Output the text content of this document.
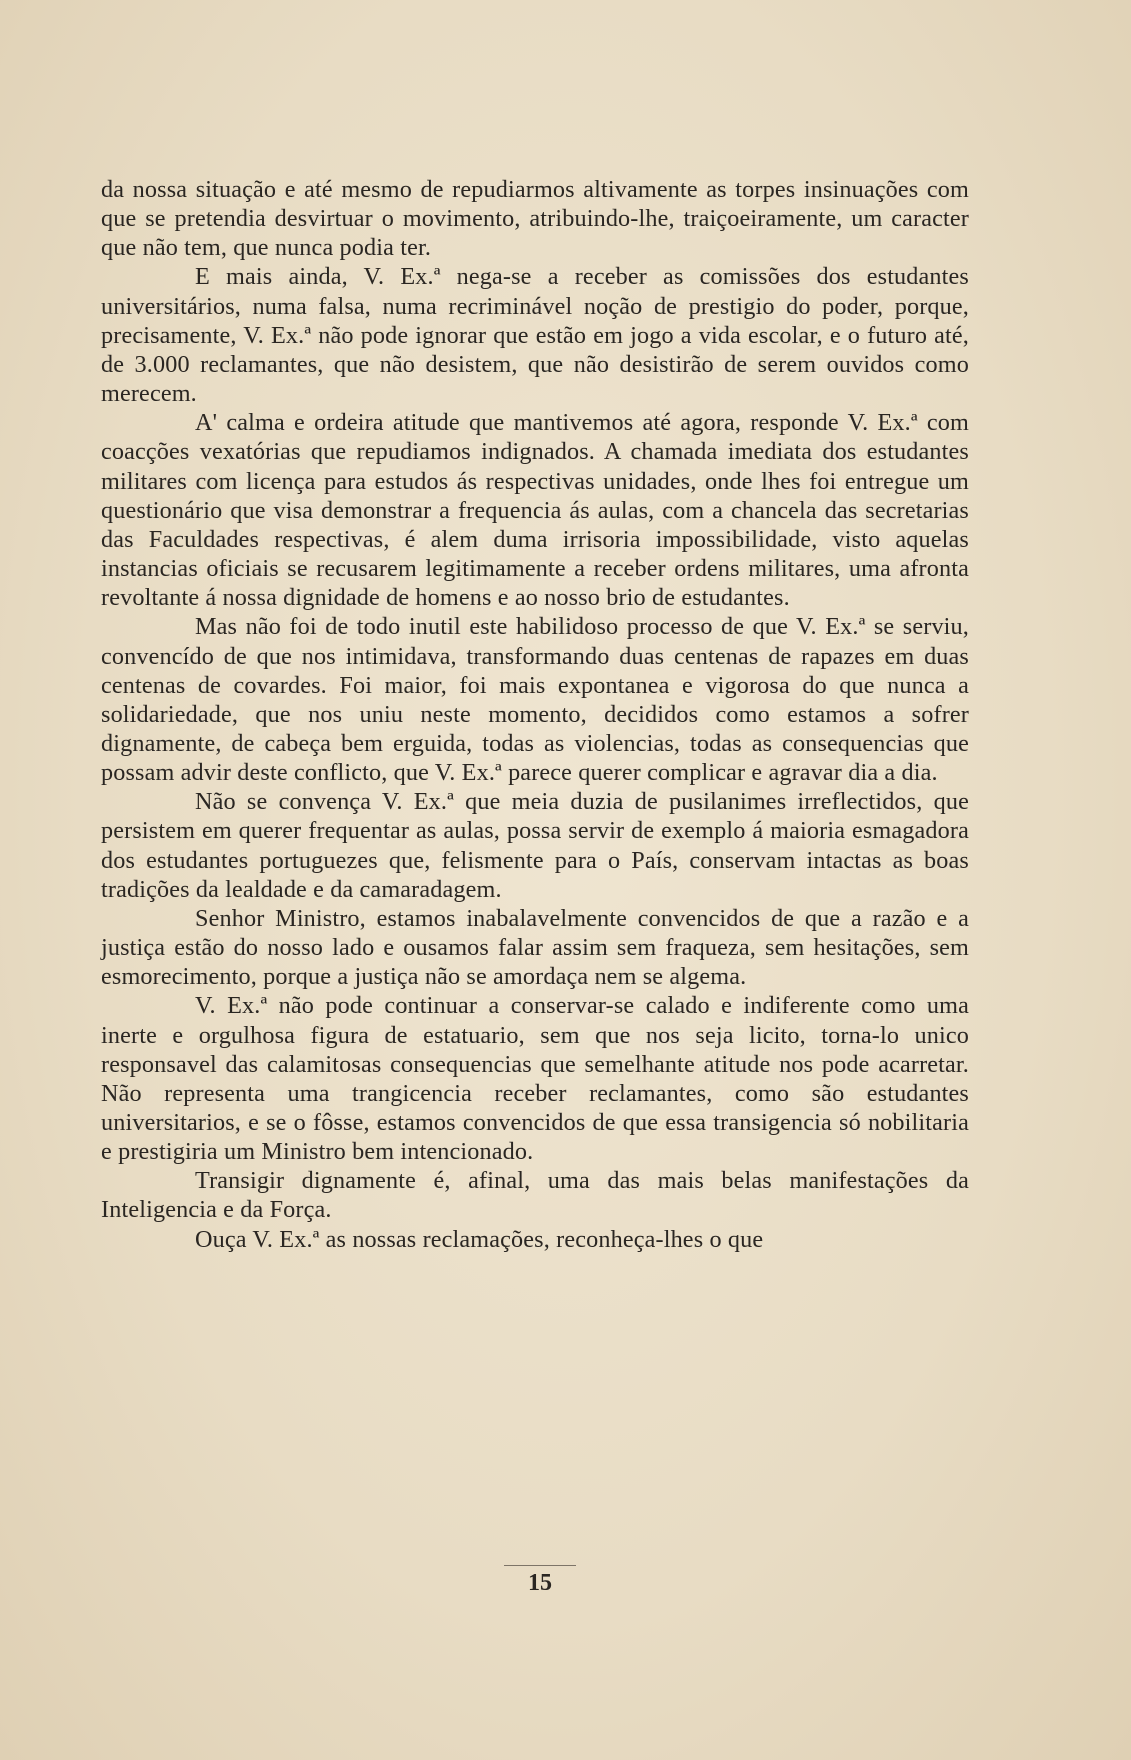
da nossa situação e até mesmo de repudiarmos altivamente as torpes insinuações com que se pretendia desvirtuar o movimento, atribuindo-lhe, traiçoeiramente, um caracter que não tem, que nunca podia ter.

E mais ainda, V. Ex.ª nega-se a receber as comissões dos estudantes universitários, numa falsa, numa recriminável noção de prestigio do poder, porque, precisamente, V. Ex.ª não pode ignorar que estão em jogo a vida escolar, e o futuro até, de 3.000 reclamantes, que não desistem, que não desistirão de serem ouvidos como merecem.

A' calma e ordeira atitude que mantivemos até agora, responde V. Ex.ª com coacções vexatórias que repudiamos indignados. A chamada imediata dos estudantes militares com licença para estudos ás respectivas unidades, onde lhes foi entregue um questionário que visa demonstrar a frequencia ás aulas, com a chancela das secretarias das Faculdades respectivas, é alem duma irrisoria impossibilidade, visto aquelas instancias oficiais se recusarem legitimamente a receber ordens militares, uma afronta revoltante á nossa dignidade de homens e ao nosso brio de estudantes.

Mas não foi de todo inutil este habilidoso processo de que V. Ex.ª se serviu, convencído de que nos intimidava, transformando duas centenas de rapazes em duas centenas de covardes. Foi maior, foi mais expontanea e vigorosa do que nunca a solidariedade, que nos uniu neste momento, decididos como estamos a sofrer dignamente, de cabeça bem erguida, todas as violencias, todas as consequencias que possam advir deste conflicto, que V. Ex.ª parece querer complicar e agravar dia a dia.

Não se convença V. Ex.ª que meia duzia de pusilanimes irreflectidos, que persistem em querer frequentar as aulas, possa servir de exemplo á maioria esmagadora dos estudantes portuguezes que, felismente para o País, conservam intactas as boas tradições da lealdade e da camaradagem.

Senhor Ministro, estamos inabalavelmente convencidos de que a razão e a justiça estão do nosso lado e ousamos falar assim sem fraqueza, sem hesitações, sem esmorecimento, porque a justiça não se amordaça nem se algema.

V. Ex.ª não pode continuar a conservar-se calado e indiferente como uma inerte e orgulhosa figura de estatuario, sem que nos seja licito, torna-lo unico responsavel das calamitosas consequencias que semelhante atitude nos pode acarretar. Não representa uma trangicencia receber reclamantes, como são estudantes universitarios, e se o fôsse, estamos convencidos de que essa transigencia só nobilitaria e prestigiria um Ministro bem intencionado.

Transigir dignamente é, afinal, uma das mais belas manifestações da Inteligencia e da Força.

Ouça V. Ex.ª as nossas reclamações, reconheça-lhes o que

15
